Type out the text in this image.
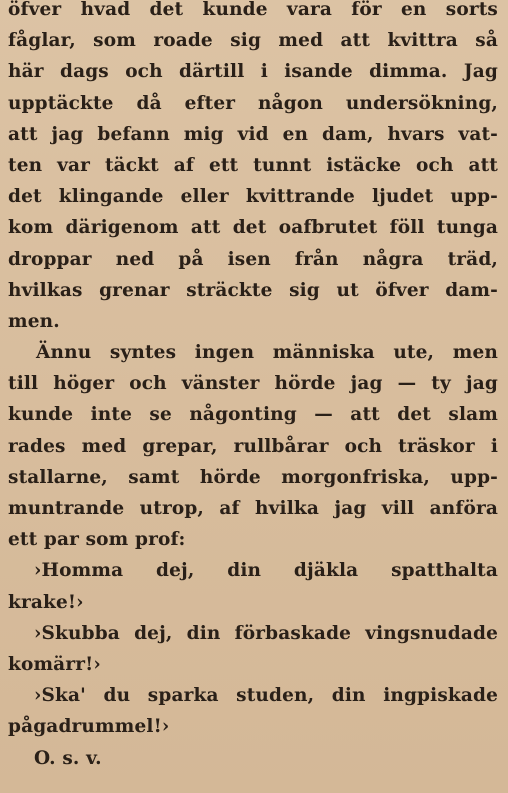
öfver hvad det kunde vara för en sorts
fåglar, som roade sig med att kvittra så
här dags och därtill i isande dimma. Jag
upptäckte då efter någon undersökning,
att jag befann mig vid en dam, hvars vat-
ten var täckt af ett tunnt istäcke och att
det klingande eller kvittrande ljudet upp-
kom därigenom att det oafbrutet föll tunga
droppar ned på isen från några träd,
hvilkas grenar sträckte sig ut öfver dam-
men.
Ännu syntes ingen människa ute, men
till höger och vänster hörde jag — ty jag
kunde inte se någonting — att det slam
rades med grepar, rullbårar och träskor i
stallarne, samt hörde morgonfriska, upp-
muntrande utrop, af hvilka jag vill anföra
ett par som prof:
›Homma dej, din djäkla spatthalta
krake!›
›Skubba dej, din förbaskade vingsnudade
komärr!›
›Ska' du sparka studen, din ingpiskade
pågadrummel!›
O. s. v.
